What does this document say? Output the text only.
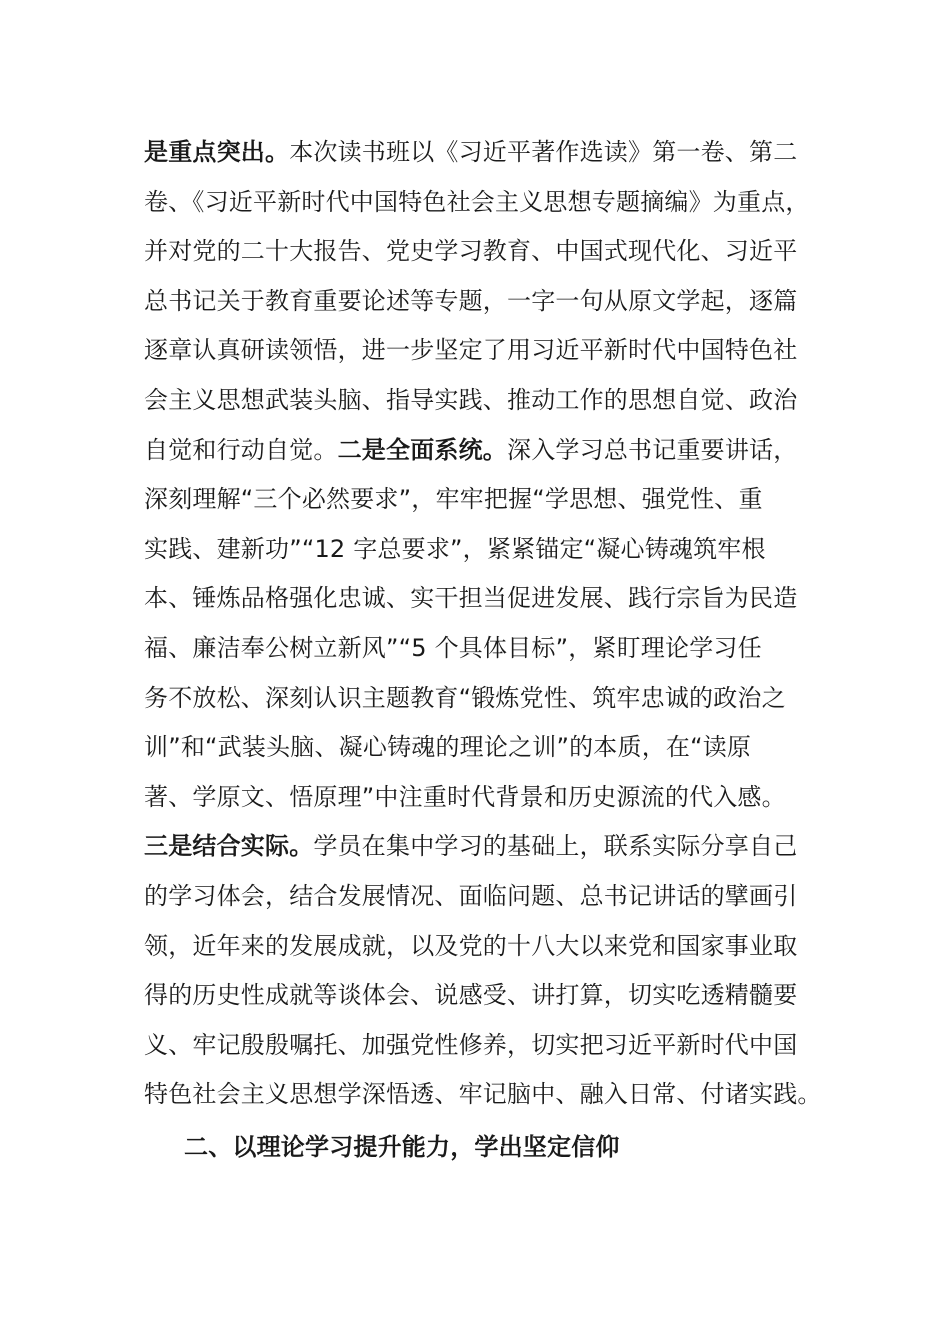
是重点突出。本次读书班以《习近平著作选读》第一卷、第二
卷、《习近平新时代中国特色社会主义思想专题摘编》为重点，
并对党的二十大报告、党史学习教育、中国式现代化、习近平
总书记关于教育重要论述等专题，一字一句从原文学起，逐篇
逐章认真研读领悟，进一步坚定了用习近平新时代中国特色社
会主义思想武装头脑、指导实践、推动工作的思想自觉、政治
自觉和行动自觉。二是全面系统。深入学习总书记重要讲话，
深刻理解“三个必然要求”，牢牢把握“学思想、强党性、重
实践、建新功”“12 字总要求”，紧紧锚定“凝心铸魂筑牢根
本、锤炼品格强化忠诚、实干担当促进发展、践行宗旨为民造
福、廉洁奉公树立新风”“5 个具体目标”，紧盯理论学习任
务不放松、深刻认识主题教育“锻炼党性、筑牢忠诚的政治之
训”和“武装头脑、凝心铸魂的理论之训”的本质，在“读原
著、学原文、悟原理”中注重时代背景和历史源流的代入感。
三是结合实际。学员在集中学习的基础上，联系实际分享自己
的学习体会，结合发展情况、面临问题、总书记讲话的擘画引
领，近年来的发展成就，以及党的十八大以来党和国家事业取
得的历史性成就等谈体会、说感受、讲打算，切实吃透精髓要
义、牢记殷殷嘱托、加强党性修养，切实把习近平新时代中国
特色社会主义思想学深悟透、牢记脑中、融入日常、付诸实践。
二、以理论学习提升能力，学出坚定信仰
